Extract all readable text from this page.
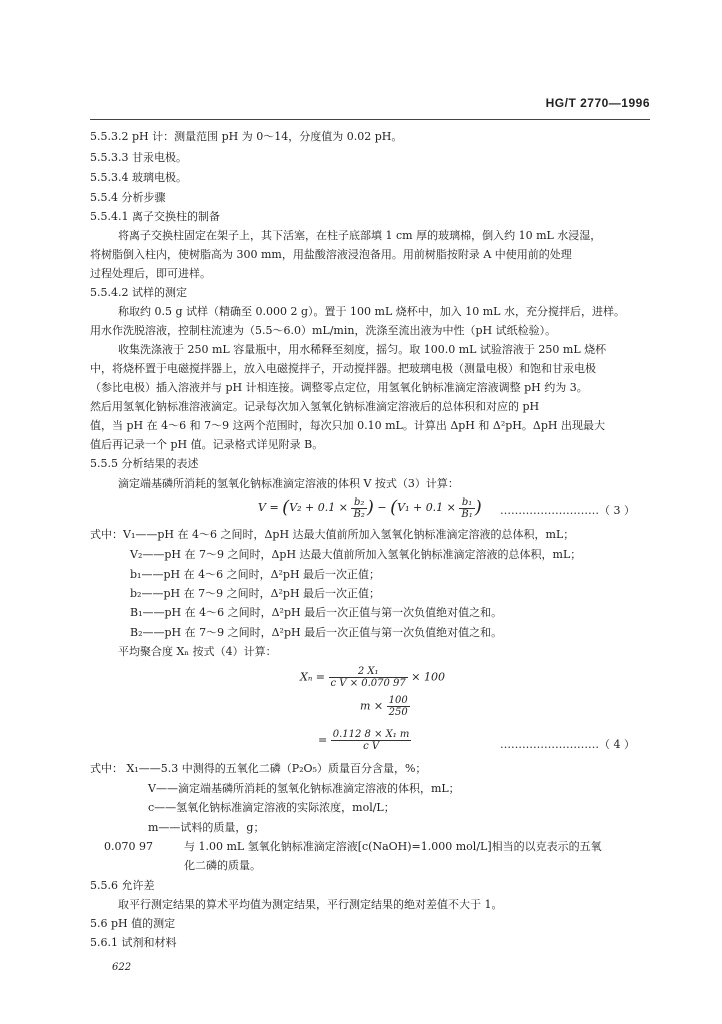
HG/T 2770—1996
5.5.3.2 pH 计：测量范围 pH 为 0～14，分度值为 0.02 pH。
5.5.3.3 甘汞电极。
5.5.3.4 玻璃电极。
5.5.4 分析步骤
5.5.4.1 离子交换柱的制备
将离子交换柱固定在架子上，其下活塞，在柱子底部填 1 cm 厚的玻璃棉，倒入约 10 mL 水浸湿，
将树脂倒入柱内，使树脂高为 300 mm，用盐酸溶液浸泡备用。用前树脂按附录 A 中使用前的处理
过程处理后，即可进样。
5.5.4.2 试样的测定
称取约 0.5 g 试样（精确至 0.000 2 g）。置于 100 mL 烧杯中，加入 10 mL 水，充分搅拌后，进样。
用水作洗脱溶液，控制柱流速为（5.5～6.0）mL/min，洗涤至流出液为中性（pH 试纸检验）。
收集洗涤液于 250 mL 容量瓶中，用水稀释至刻度，摇匀。取 100.0 mL 试验溶液于 250 mL 烧杯
中，将烧杯置于电磁搅拌器上，放入电磁搅拌子，开动搅拌器。把玻璃电极（测量电极）和饱和甘汞电极
（参比电极）插入溶液并与 pH 计相连接。调整零点定位，用氢氧化钠标准滴定溶液调整 pH 约为 3。
然后用氢氧化钠标准溶液滴定。记录每次加入氢氧化钠标准滴定溶液后的总体积和对应的 pH
值，当 pH 在 4～6 和 7～9 这两个范围时，每次只加 0.10 mL。计算出 ΔpH 和 Δ²pH。ΔpH 出现最大
值后再记录一个 pH 值。记录格式详见附录 B。
5.5.5 分析结果的表述
滴定端基磷所消耗的氢氧化钠标准滴定溶液的体积 V 按式（3）计算：
$V = (V_2 + 0.1 \times \frac{\text{b₂}}{\text{B₂}}$ ) − ($V_1 + 0.1 \times \frac{\text{b₁}}{\text{B₁}}$ ) ………………………（ 3 ）
式中：V₁——pH 在 4～6 之间时，ΔpH 达最大值前所加入氢氧化钠标准滴定溶液的总体积，mL；
V₂——pH 在 7～9 之间时，ΔpH 达最大值前所加入氢氧化钠标准滴定溶液的总体积，mL；
b₁——pH 在 4～6 之间时，Δ²pH 最后一次正值；
b₂——pH 在 7～9 之间时，Δ²pH 最后一次正值；
B₁——pH 在 4～6 之间时，Δ²pH 最后一次正值与第一次负值绝对值之和。
B₂——pH 在 7～9 之间时，Δ²pH 最后一次正值与第一次负值绝对值之和。
平均聚合度 Xₙ 按式（4）计算：
$X_n = \frac{\text{2 X₁}}{\text{c V × 0.070 97}} \times 100$
$m \times \frac{100}{250}$
= $\frac{\text{0.112 8 × X₁ m}}{\text{c V}}$	………………………（ 4 ）
式中： X₁——5.3 中测得的五氧化二磷（P₂O₅）质量百分含量，%；
V——滴定端基磷所消耗的氢氧化钠标准滴定溶液的体积，mL；
c——氢氧化钠标准滴定溶液的实际浓度，mol/L；
m——试料的质量，g；
0.070 97	与 1.00 mL 氢氧化钠标准滴定溶液[c(NaOH)=1.000 mol/L]相当的以克表示的五氧
化二磷的质量。
5.5.6 允许差
取平行测定结果的算术平均值为测定结果，平行测定结果的绝对差值不大于 1。
5.6 pH 值的测定
5.6.1 试剂和材料
622
